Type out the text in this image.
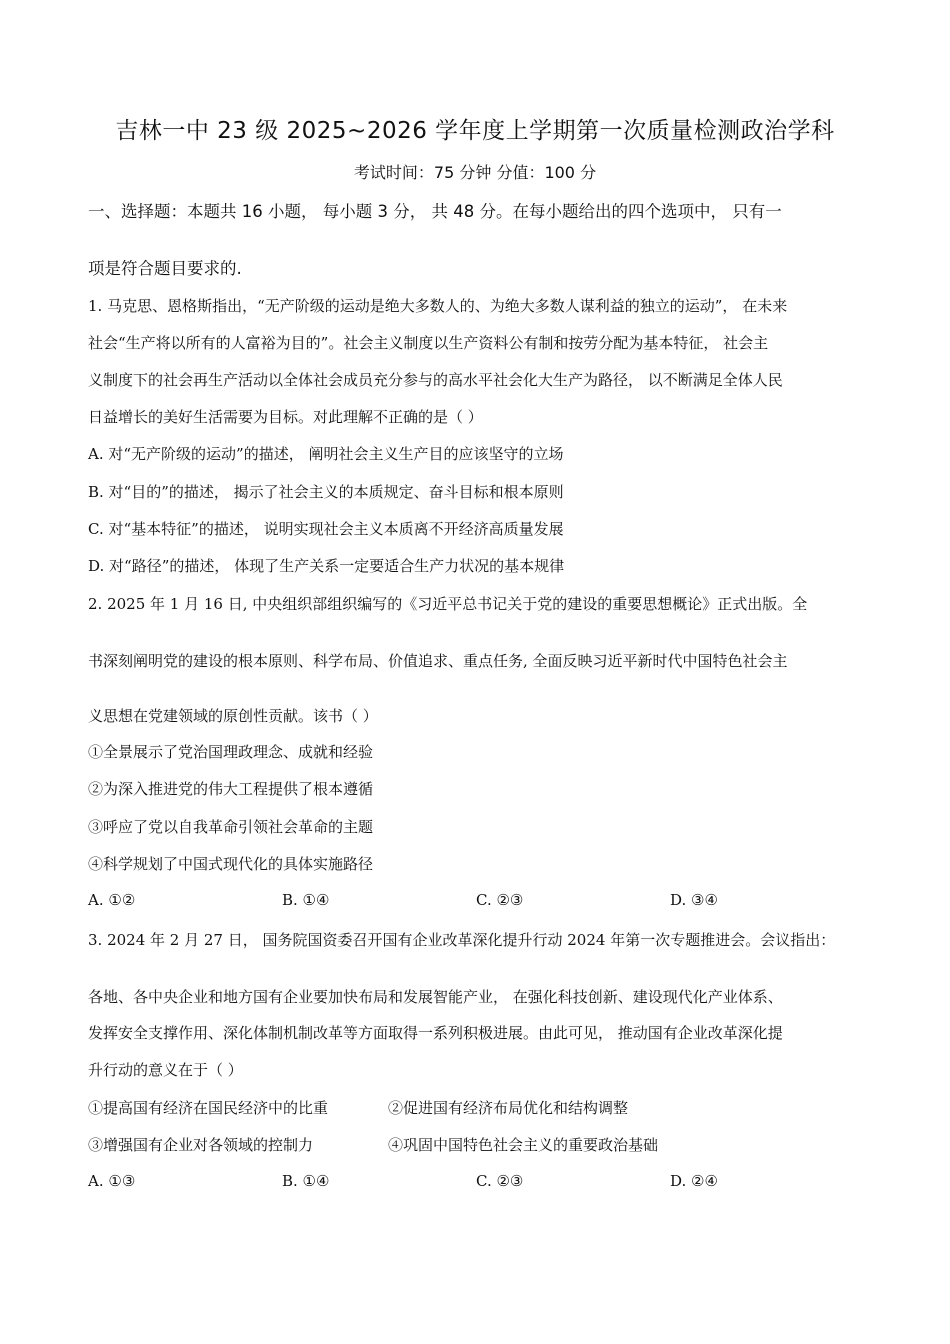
吉林一中 23 级 2025~2026 学年度上学期第一次质量检测政治学科
考试时间：75 分钟 分值：100 分
一、选择题：本题共 16 小题， 每小题 3 分， 共 48 分。在每小题给出的四个选项中， 只有一
项是符合题目要求的.
1. 马克思、恩格斯指出，“无产阶级的运动是绝大多数人的、为绝大多数人谋利益的独立的运动”， 在未来
社会“生产将以所有的人富裕为目的”。社会主义制度以生产资料公有制和按劳分配为基本特征， 社会主
义制度下的社会再生产活动以全体社会成员充分参与的高水平社会化大生产为路径， 以不断满足全体人民
日益增长的美好生活需要为目标。对此理解不正确的是（ ）
A. 对“无产阶级的运动”的描述， 阐明社会主义生产目的应该坚守的立场
B. 对“目的”的描述， 揭示了社会主义的本质规定、奋斗目标和根本原则
C. 对“基本特征”的描述， 说明实现社会主义本质离不开经济高质量发展
D. 对“路径”的描述， 体现了生产关系一定要适合生产力状况的基本规律
2. 2025 年 1 月 16 日, 中央组织部组织编写的《习近平总书记关于党的建设的重要思想概论》正式出版。全
书深刻阐明党的建设的根本原则、科学布局、价值追求、重点任务, 全面反映习近平新时代中国特色社会主
义思想在党建领域的原创性贡献。该书（ ）
①全景展示了党治国理政理念、成就和经验
②为深入推进党的伟大工程提供了根本遵循
③呼应了党以自我革命引领社会革命的主题
④科学规划了中国式现代化的具体实施路径
A. ①②	B. ①④	C. ②③	D. ③④
3. 2024 年 2 月 27 日， 国务院国资委召开国有企业改革深化提升行动 2024 年第一次专题推进会。会议指出：
各地、各中央企业和地方国有企业要加快布局和发展智能产业， 在强化科技创新、建设现代化产业体系、
发挥安全支撑作用、深化体制机制改革等方面取得一系列积极进展。由此可见， 推动国有企业改革深化提
升行动的意义在于（ ）
①提高国有经济在国民经济中的比重	②促进国有经济布局优化和结构调整
③增强国有企业对各领域的控制力	④巩固中国特色社会主义的重要政治基础
A. ①③	B. ①④	C. ②③	D. ②④
